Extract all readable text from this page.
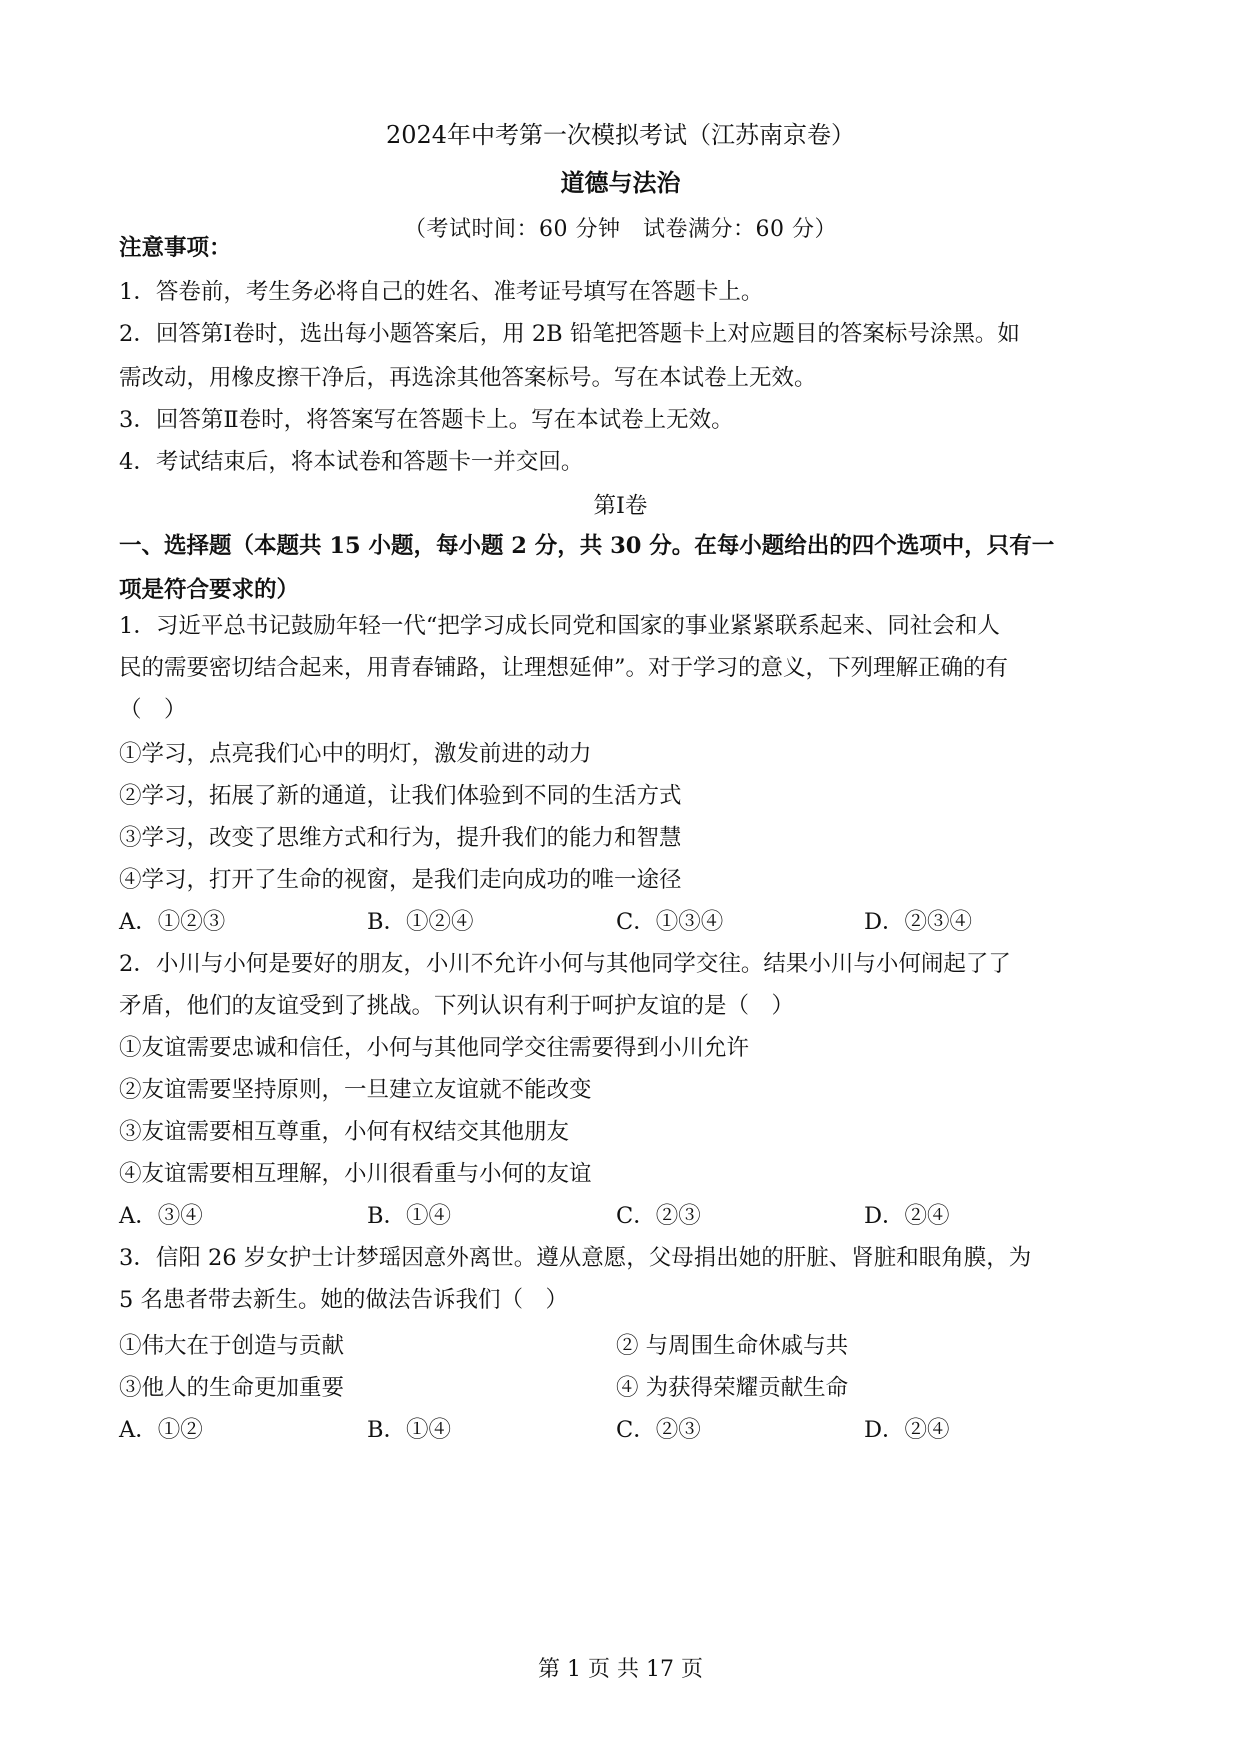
2024年中考第一次模拟考试（江苏南京卷）
道德与法治
（考试时间：60 分钟　试卷满分：60 分）
注意事项：
1．答卷前，考生务必将自己的姓名、准考证号填写在答题卡上。
2．回答第Ⅰ卷时，选出每小题答案后，用 2B 铅笔把答题卡上对应题目的答案标号涂黑。如
需改动，用橡皮擦干净后，再选涂其他答案标号。写在本试卷上无效。
3．回答第Ⅱ卷时，将答案写在答题卡上。写在本试卷上无效。
4．考试结束后，将本试卷和答题卡一并交回。
第Ⅰ卷
一、选择题（本题共 15 小题，每小题 2 分，共 30 分。在每小题给出的四个选项中，只有一
项是符合要求的）
1．习近平总书记鼓励年轻一代“把学习成长同党和国家的事业紧紧联系起来、同社会和人
民的需要密切结合起来，用青春铺路，让理想延伸”。对于学习的意义，下列理解正确的有
（　）
①学习，点亮我们心中的明灯，激发前进的动力
②学习，拓展了新的通道，让我们体验到不同的生活方式
③学习，改变了思维方式和行为，提升我们的能力和智慧
④学习，打开了生命的视窗，是我们走向成功的唯一途径
A．①②③	B．①②④	C．①③④	D．②③④
2．小川与小何是要好的朋友，小川不允许小何与其他同学交往。结果小川与小何闹起了了
矛盾，他们的友谊受到了挑战。下列认识有利于呵护友谊的是（　）
①友谊需要忠诚和信任，小何与其他同学交往需要得到小川允许
②友谊需要坚持原则，一旦建立友谊就不能改变
③友谊需要相互尊重，小何有权结交其他朋友
④友谊需要相互理解，小川很看重与小何的友谊
A．③④	B．①④	C．②③	D．②④
3．信阳 26 岁女护士计梦瑶因意外离世。遵从意愿，父母捐出她的肝脏、肾脏和眼角膜，为
5 名患者带去新生。她的做法告诉我们（　）
①伟大在于创造与贡献	② 与周围生命休戚与共
③他人的生命更加重要	④ 为获得荣耀贡献生命
A．①②	B．①④	C．②③	D．②④
第 1 页 共 17 页
